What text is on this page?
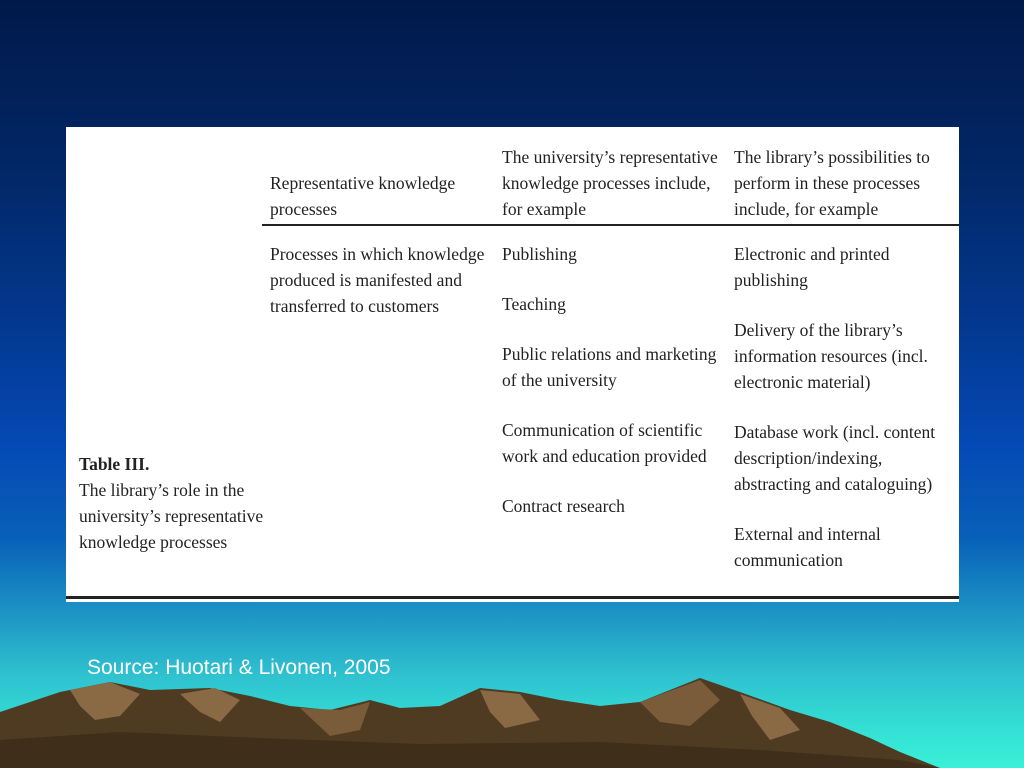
Representative knowledge processes
The university’s representative knowledge processes include, for example
The library’s possibilities to perform in these processes include, for example
Processes in which knowledge produced is manifested and transferred to customers
Publishing
Teaching
Public relations and marketing of the university
Communication of scientific work and education provided
Contract research
Electronic and printed publishing
Delivery of the library’s information resources (incl. electronic material)
Database work (incl. content description/indexing, abstracting and cataloguing)
External and internal communication
Table III.
The library’s role in the university’s representative knowledge processes
Source: Huotari & Livonen, 2005
